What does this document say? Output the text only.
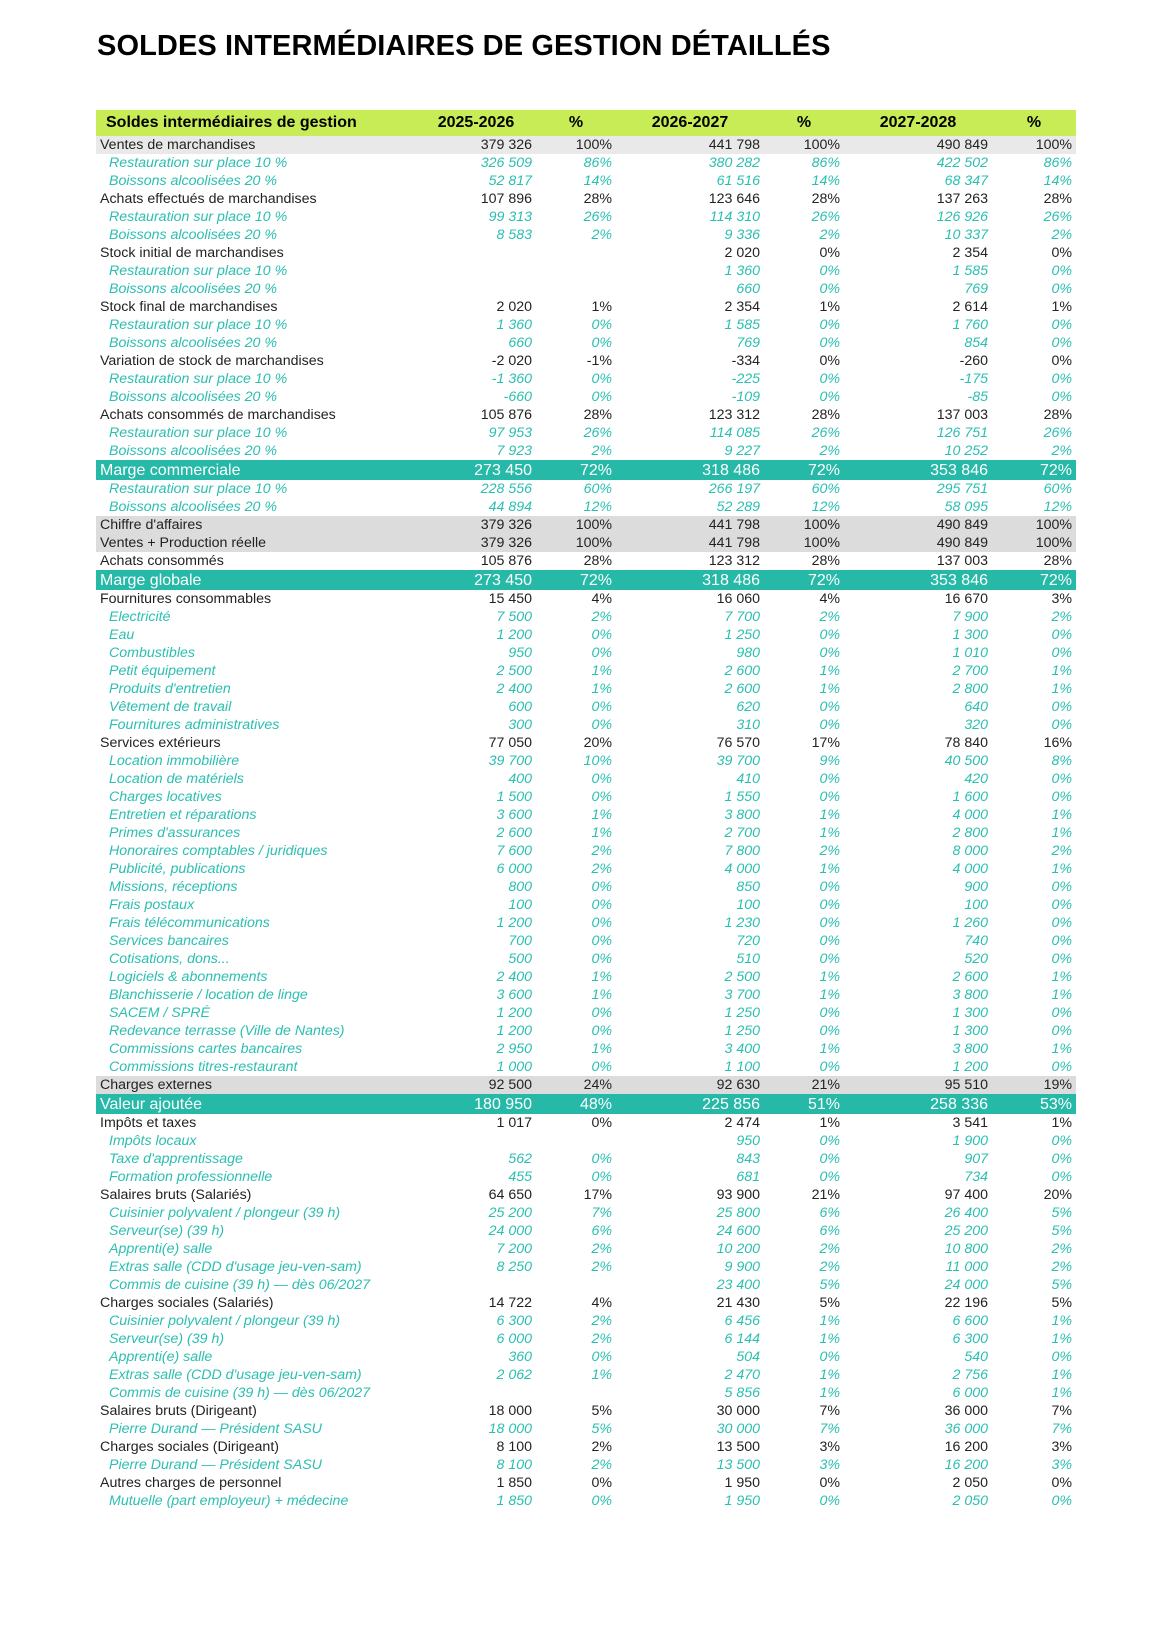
SOLDES INTERMÉDIAIRES DE GESTION DÉTAILLÉS
Soldes intermédiaires de gestion	2025-2026	%	2026-2027	%	2027-2028	%
Ventes de marchandises	379 326	100%	441 798	100%	490 849	100%
Restauration sur place 10 %	326 509	86%	380 282	86%	422 502	86%
Boissons alcoolisées 20 %	52 817	14%	61 516	14%	68 347	14%
Achats effectués de marchandises	107 896	28%	123 646	28%	137 263	28%
Restauration sur place 10 %	99 313	26%	114 310	26%	126 926	26%
Boissons alcoolisées 20 %	8 583	2%	9 336	2%	10 337	2%
Stock initial de marchandises			2 020	0%	2 354	0%
Restauration sur place 10 %			1 360	0%	1 585	0%
Boissons alcoolisées 20 %			660	0%	769	0%
Stock final de marchandises	2 020	1%	2 354	1%	2 614	1%
Restauration sur place 10 %	1 360	0%	1 585	0%	1 760	0%
Boissons alcoolisées 20 %	660	0%	769	0%	854	0%
Variation de stock de marchandises	-2 020	-1%	-334	0%	-260	0%
Restauration sur place 10 %	-1 360	0%	-225	0%	-175	0%
Boissons alcoolisées 20 %	-660	0%	-109	0%	-85	0%
Achats consommés de marchandises	105 876	28%	123 312	28%	137 003	28%
Restauration sur place 10 %	97 953	26%	114 085	26%	126 751	26%
Boissons alcoolisées 20 %	7 923	2%	9 227	2%	10 252	2%
Marge commerciale	273 450	72%	318 486	72%	353 846	72%
Restauration sur place 10 %	228 556	60%	266 197	60%	295 751	60%
Boissons alcoolisées 20 %	44 894	12%	52 289	12%	58 095	12%
Chiffre d'affaires	379 326	100%	441 798	100%	490 849	100%
Ventes + Production réelle	379 326	100%	441 798	100%	490 849	100%
Achats consommés	105 876	28%	123 312	28%	137 003	28%
Marge globale	273 450	72%	318 486	72%	353 846	72%
Fournitures consommables	15 450	4%	16 060	4%	16 670	3%
Electricité	7 500	2%	7 700	2%	7 900	2%
Eau	1 200	0%	1 250	0%	1 300	0%
Combustibles	950	0%	980	0%	1 010	0%
Petit équipement	2 500	1%	2 600	1%	2 700	1%
Produits d'entretien	2 400	1%	2 600	1%	2 800	1%
Vêtement de travail	600	0%	620	0%	640	0%
Fournitures administratives	300	0%	310	0%	320	0%
Services extérieurs	77 050	20%	76 570	17%	78 840	16%
Location immobilière	39 700	10%	39 700	9%	40 500	8%
Location de matériels	400	0%	410	0%	420	0%
Charges locatives	1 500	0%	1 550	0%	1 600	0%
Entretien et réparations	3 600	1%	3 800	1%	4 000	1%
Primes d'assurances	2 600	1%	2 700	1%	2 800	1%
Honoraires comptables / juridiques	7 600	2%	7 800	2%	8 000	2%
Publicité, publications	6 000	2%	4 000	1%	4 000	1%
Missions, réceptions	800	0%	850	0%	900	0%
Frais postaux	100	0%	100	0%	100	0%
Frais télécommunications	1 200	0%	1 230	0%	1 260	0%
Services bancaires	700	0%	720	0%	740	0%
Cotisations, dons...	500	0%	510	0%	520	0%
Logiciels & abonnements	2 400	1%	2 500	1%	2 600	1%
Blanchisserie / location de linge	3 600	1%	3 700	1%	3 800	1%
SACEM / SPRÉ	1 200	0%	1 250	0%	1 300	0%
Redevance terrasse (Ville de Nantes)	1 200	0%	1 250	0%	1 300	0%
Commissions cartes bancaires	2 950	1%	3 400	1%	3 800	1%
Commissions titres-restaurant	1 000	0%	1 100	0%	1 200	0%
Charges externes	92 500	24%	92 630	21%	95 510	19%
Valeur ajoutée	180 950	48%	225 856	51%	258 336	53%
Impôts et taxes	1 017	0%	2 474	1%	3 541	1%
Impôts locaux			950	0%	1 900	0%
Taxe d'apprentissage	562	0%	843	0%	907	0%
Formation professionnelle	455	0%	681	0%	734	0%
Salaires bruts (Salariés)	64 650	17%	93 900	21%	97 400	20%
Cuisinier polyvalent / plongeur (39 h)	25 200	7%	25 800	6%	26 400	5%
Serveur(se) (39 h)	24 000	6%	24 600	6%	25 200	5%
Apprenti(e) salle	7 200	2%	10 200	2%	10 800	2%
Extras salle (CDD d'usage jeu-ven-sam)	8 250	2%	9 900	2%	11 000	2%
Commis de cuisine (39 h) — dès 06/2027			23 400	5%	24 000	5%
Charges sociales (Salariés)	14 722	4%	21 430	5%	22 196	5%
Cuisinier polyvalent / plongeur (39 h)	6 300	2%	6 456	1%	6 600	1%
Serveur(se) (39 h)	6 000	2%	6 144	1%	6 300	1%
Apprenti(e) salle	360	0%	504	0%	540	0%
Extras salle (CDD d'usage jeu-ven-sam)	2 062	1%	2 470	1%	2 756	1%
Commis de cuisine (39 h) — dès 06/2027			5 856	1%	6 000	1%
Salaires bruts (Dirigeant)	18 000	5%	30 000	7%	36 000	7%
Pierre Durand — Président SASU	18 000	5%	30 000	7%	36 000	7%
Charges sociales (Dirigeant)	8 100	2%	13 500	3%	16 200	3%
Pierre Durand — Président SASU	8 100	2%	13 500	3%	16 200	3%
Autres charges de personnel	1 850	0%	1 950	0%	2 050	0%
Mutuelle (part employeur) + médecine	1 850	0%	1 950	0%	2 050	0%
